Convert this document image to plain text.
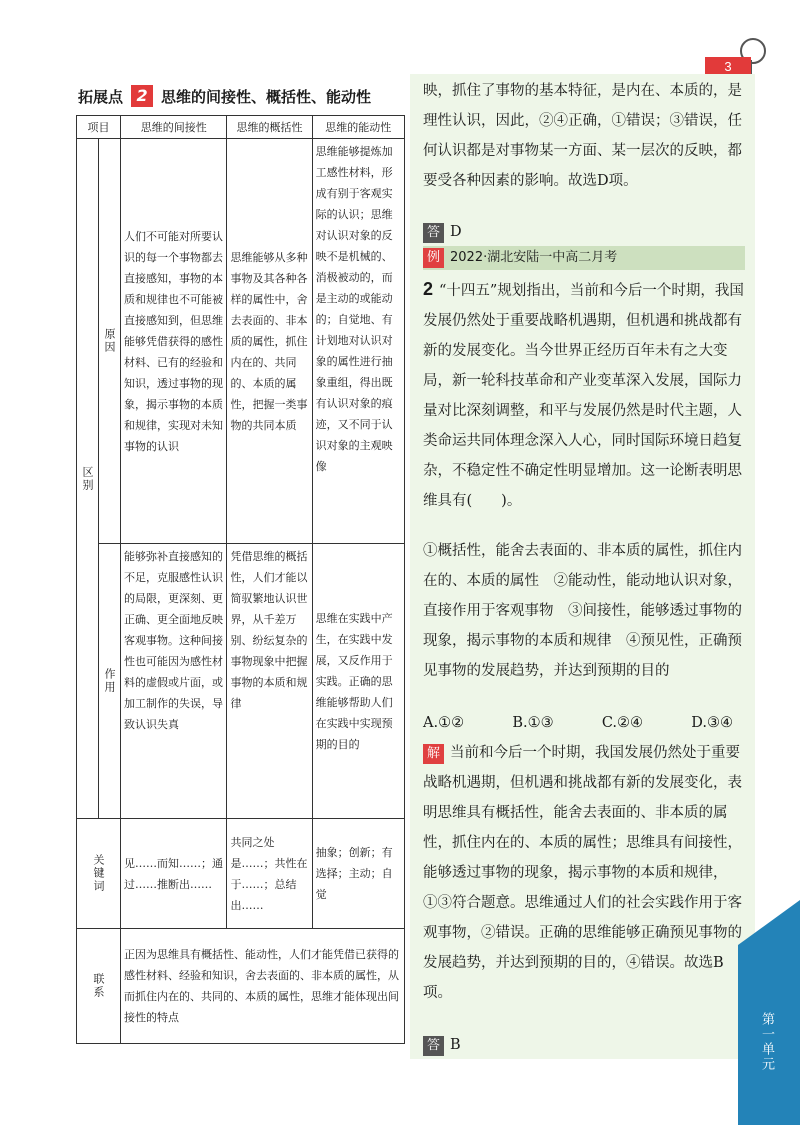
3
拓展点 2 思维的间接性、概括性、能动性
项目		思维的间接性	思维的概括性	思维的能动性
区别	原因	人们不可能对所要认识的每一个事物都去直接感知，事物的本质和规律也不可能被直接感知到，但思维能够凭借获得的感性材料、已有的经验和知识，透过事物的现象，揭示事物的本质和规律，实现对未知事物的认识	思维能够从多种事物及其各种各样的属性中，舍去表面的、非本质的属性，抓住内在的、共同的、本质的属性，把握一类事物的共同本质	思维能够提炼加工感性材料，形成有别于客观实际的认识；思维对认识对象的反映不是机械的、消极被动的，而是主动的或能动的；自觉地、有计划地对认识对象的属性进行抽象重组，得出既有认识对象的痕迹，又不同于认识对象的主观映像
	作用	能够弥补直接感知的不足，克服感性认识的局限，更深刻、更正确、更全面地反映客观事物。这种间接性也可能因为感性材料的虚假或片面，或加工制作的失误，导致认识失真	凭借思维的概括性，人们才能以简驭繁地认识世界，从千差万别、纷纭复杂的事物现象中把握事物的本质和规律	思维在实践中产生，在实践中发展，又反作用于实践。正确的思维能够帮助人们在实践中实现预期的目的
关键词		见……而知……；通过……推断出……	共同之处是……；共性在于……；总结出……	抽象；创新；有选择；主动；自觉
联系		正因为思维具有概括性、能动性，人们才能凭借已获得的感性材料、经验和知识，舍去表面的、非本质的属性，从而抓住内在的、共同的、本质的属性，思维才能体现出间接性的特点		
映，抓住了事物的基本特征，是内在、本质的，是理性认识，因此，②④正确，①错误；③错误，任何认识都是对事物某一方面、某一层次的反映，都要受各种因素的影响。故选D项。
答 D
例 2022·湖北安陆一中高二月考
2 “十四五”规划指出，当前和今后一个时期，我国发展仍然处于重要战略机遇期，但机遇和挑战都有新的发展变化。当今世界正经历百年未有之大变局，新一轮科技革命和产业变革深入发展，国际力量对比深刻调整，和平与发展仍然是时代主题，人类命运共同体理念深入人心，同时国际环境日趋复杂，不稳定性不确定性明显增加。这一论断表明思维具有(　　)。
①概括性，能舍去表面的、非本质的属性，抓住内在的、本质的属性　②能动性，能动地认识对象，直接作用于客观事物　③间接性，能够透过事物的现象，揭示事物的本质和规律　④预见性，正确预见事物的发展趋势，并达到预期的目的
A.①②	B.①③	C.②④	D.③④
解 当前和今后一个时期，我国发展仍然处于重要战略机遇期，但机遇和挑战都有新的发展变化，表明思维具有概括性，能舍去表面的、非本质的属性，抓住内在的、本质的属性；思维具有间接性，能够透过事物的现象，揭示事物的本质和规律，①③符合题意。思维通过人们的社会实践作用于客观事物，②错误。正确的思维能够正确预见事物的发展趋势，并达到预期的目的，④错误。故选B项。
答 B	第一单元
